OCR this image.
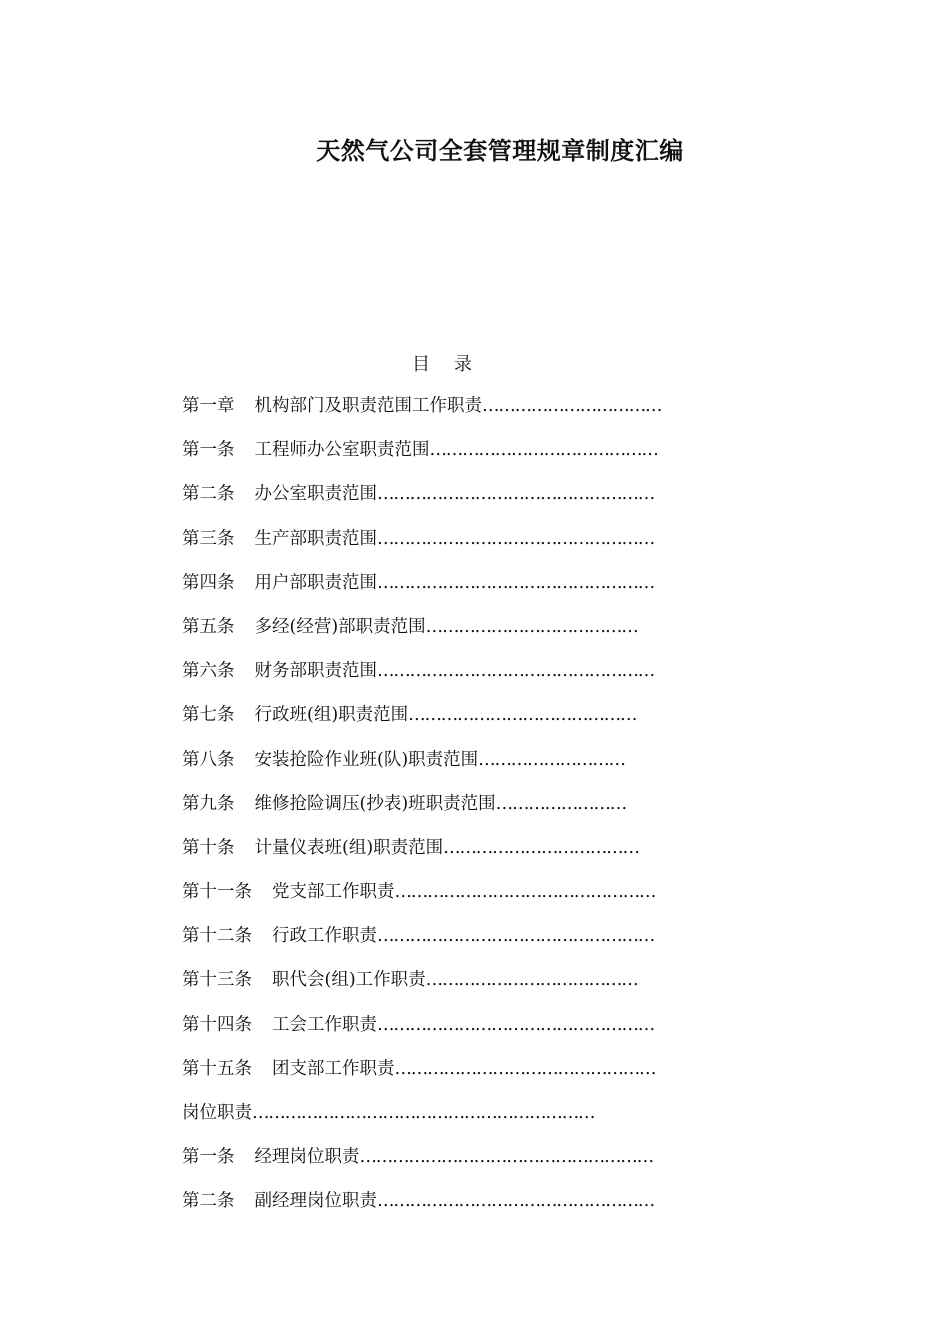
天然气公司全套管理规章制度汇编
目 录
第一章 机构部门及职责范围工作职责……………………………
第一条 工程师办公室职责范围……………………………………
第二条 办公室职责范围……………………………………………
第三条 生产部职责范围……………………………………………
第四条 用户部职责范围……………………………………………
第五条 多经(经营)部职责范围…………………………………
第六条 财务部职责范围……………………………………………
第七条 行政班(组)职责范围……………………………………
第八条 安装抢险作业班(队)职责范围………………………
第九条 维修抢险调压(抄表)班职责范围……………………
第十条 计量仪表班(组)职责范围………………………………
第十一条 党支部工作职责…………………………………………
第十二条 行政工作职责……………………………………………
第十三条 职代会(组)工作职责…………………………………
第十四条 工会工作职责……………………………………………
第十五条 团支部工作职责…………………………………………
岗位职责………………………………………………………
第一条 经理岗位职责………………………………………………
第二条 副经理岗位职责……………………………………………
